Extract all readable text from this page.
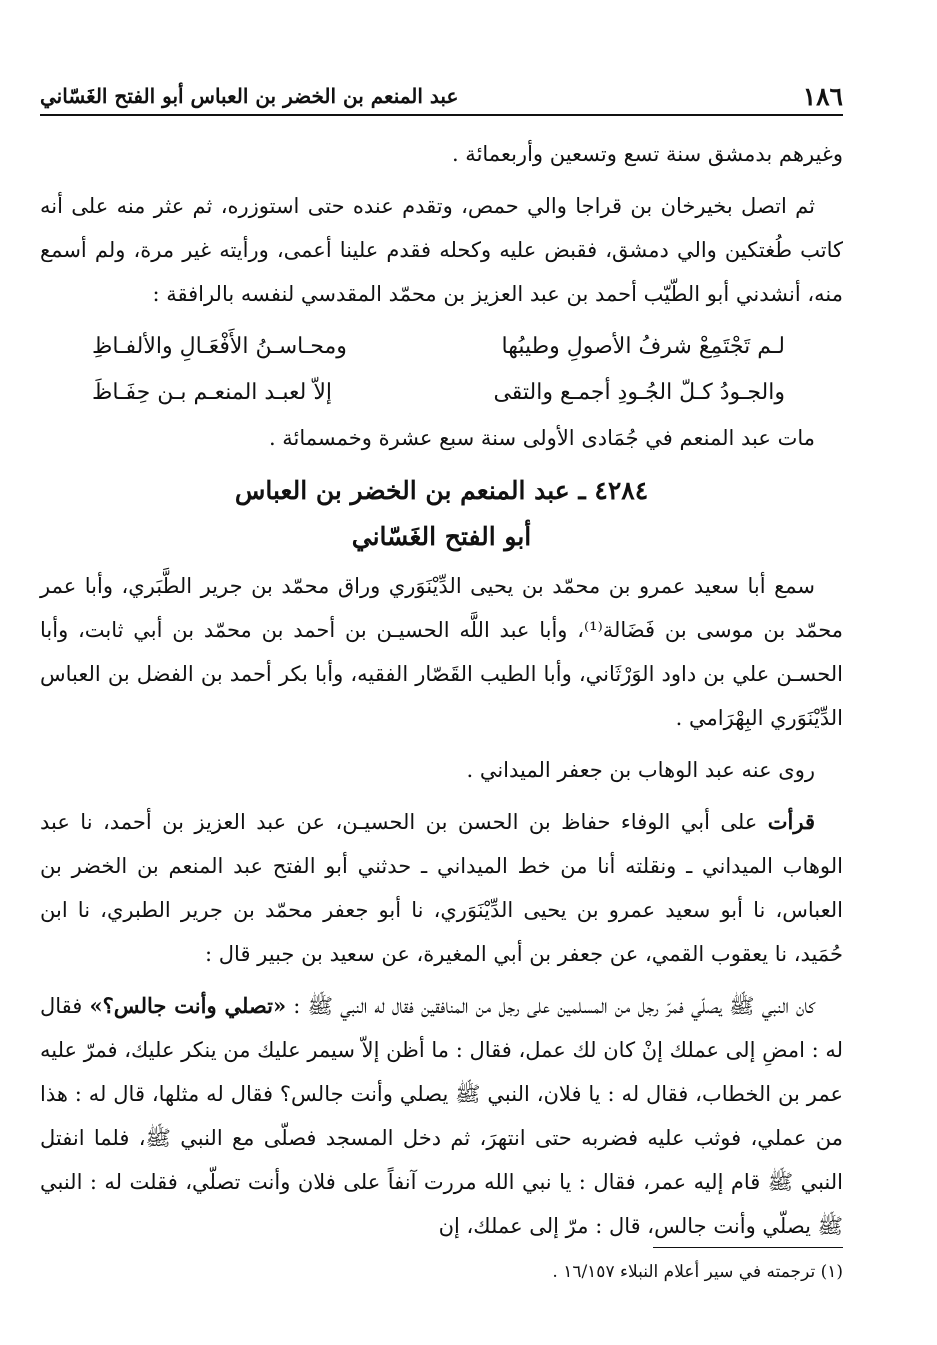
١٨٦
عبد المنعم بن الخضر بن العباس أبو الفتح الغَسّاني

وغيرهم بدمشق سنة تسع وتسعين وأربعمائة .

ثم اتصل بخيرخان بن قراجا والي حمص، وتقدم عنده حتى استوزره، ثم عثر منه على أنه كاتب طُغتكين والي دمشق، فقبض عليه وكحله فقدم علينا أعمى، ورأيته غير مرة، ولم أسمع منه، أنشدني أبو الطّيّب أحمد بن عبد العزيز بن محمّد المقدسي لنفسه بالرافقة :

لـم تَجْتَمِعْ شرفُ الأصولِ وطيبُها
ومحـاسـنُ الأَفْعَـالِ والألفـاظِ
والجـودُ كـلّ الجُـودِ أجمـع والتقى
إلاّ لعبـد المنعـم بـن حِفَـاظَ

مات عبد المنعم في جُمَادى الأولى سنة سبع عشرة وخمسمائة .

٤٢٨٤ ـ عبد المنعم بن الخضر بن العباس
أبو الفتح الغَسّاني

سمع أبا سعيد عمرو بن محمّد بن يحيى الدِّيْنَوَري وراق محمّد بن جرير الطَّبَري، وأبا عمر محمّد بن موسى بن فَضَالة⁽¹⁾، وأبا عبد اللَّه الحسيـن بن أحمد بن محمّد بن أبي ثابت، وأبا الحسـن علي بن داود الوَرْثَاني، وأبا الطيب القَصّار الفقيه، وأبا بكر أحمد بن الفضل بن العباس الدِّيْنَوَري البِهْرَامي .

روى عنه عبد الوهاب بن جعفر الميداني .

قرأت على أبي الوفاء حفاظ بن الحسن بن الحسيـن، عن عبد العزيز بن أحمد، نا عبد الوهاب الميداني ـ ونقلته أنا من خط الميداني ـ حدثني أبو الفتح عبد المنعم بن الخضر بن العباس، نا أبو سعيد عمرو بن يحيى الدِّيْنَوَري، نا أبو جعفر محمّد بن جرير الطبري، نا ابن حُمَيد، نا يعقوب القمي، عن جعفر بن أبي المغيرة، عن سعيد بن جبير قال :

كان النبي ﷺ يصلّي فمرّ رجل من المسلمين على رجل من المنافقين فقال له النبي ﷺ : «تصلي وأنت جالس؟» فقال له : امضِ إلى عملك إنْ كان لك عمل، فقال : ما أظن إلاّ سيمر عليك من ينكر عليك، فمرّ عليه عمر بن الخطاب، فقال له : يا فلان، النبي ﷺ يصلي وأنت جالس؟ فقال له مثلها، قال له : هذا من عملي، فوثب عليه فضربه حتى انتهرَ، ثم دخل المسجد فصلّى مع النبي ﷺ، فلما انفتل النبي ﷺ قام إليه عمر، فقال : يا نبي الله مررت آنفاً على فلان وأنت تصلّي، فقلت له : النبي ﷺ يصلّي وأنت جالس، قال : مرّ إلى عملك، إن

(١) ترجمته في سير أعلام النبلاء ١٦/١٥٧ .
